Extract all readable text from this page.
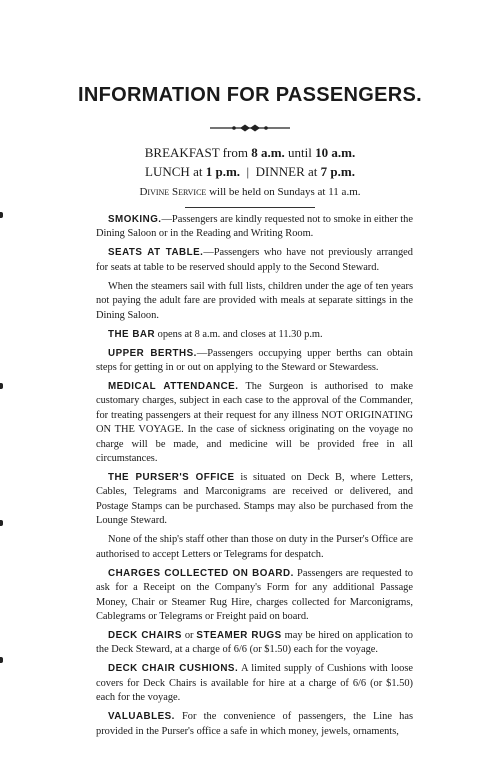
INFORMATION FOR PASSENGERS.
BREAKFAST from 8 a.m. until 10 a.m.
LUNCH at 1 p.m. | DINNER at 7 p.m.
Divine Service will be held on Sundays at 11 a.m.

SMOKING.—Passengers are kindly requested not to smoke in either the Dining Saloon or in the Reading and Writing Room.

SEATS AT TABLE.—Passengers who have not previously arranged for seats at table to be reserved should apply to the Second Steward.

When the steamers sail with full lists, children under the age of ten years not paying the adult fare are provided with meals at separate sittings in the Dining Saloon.

THE BAR opens at 8 a.m. and closes at 11.30 p.m.

UPPER BERTHS.—Passengers occupying upper berths can obtain steps for getting in or out on applying to the Steward or Stewardess.

MEDICAL ATTENDANCE. The Surgeon is authorised to make customary charges, subject in each case to the approval of the Commander, for treating passengers at their request for any illness NOT ORIGINATING ON THE VOYAGE. In the case of sickness originating on the voyage no charge will be made, and medicine will be provided free in all circumstances.

THE PURSER'S OFFICE is situated on Deck B, where Letters, Cables, Telegrams and Marconigrams are received or delivered, and Postage Stamps can be purchased. Stamps may also be purchased from the Lounge Steward.

None of the ship's staff other than those on duty in the Purser's Office are authorised to accept Letters or Telegrams for despatch.

CHARGES COLLECTED ON BOARD. Passengers are requested to ask for a Receipt on the Company's Form for any additional Passage Money, Chair or Steamer Rug Hire, charges collected for Marconigrams, Cablegrams or Telegrams or Freight paid on board.

DECK CHAIRS or STEAMER RUGS may be hired on application to the Deck Steward, at a charge of 6/6 (or $1.50) each for the voyage.

DECK CHAIR CUSHIONS. A limited supply of Cushions with loose covers for Deck Chairs is available for hire at a charge of 6/6 (or $1.50) each for the voyage.

VALUABLES. For the convenience of passengers, the Line has provided in the Purser's office a safe in which money, jewels, ornaments,
